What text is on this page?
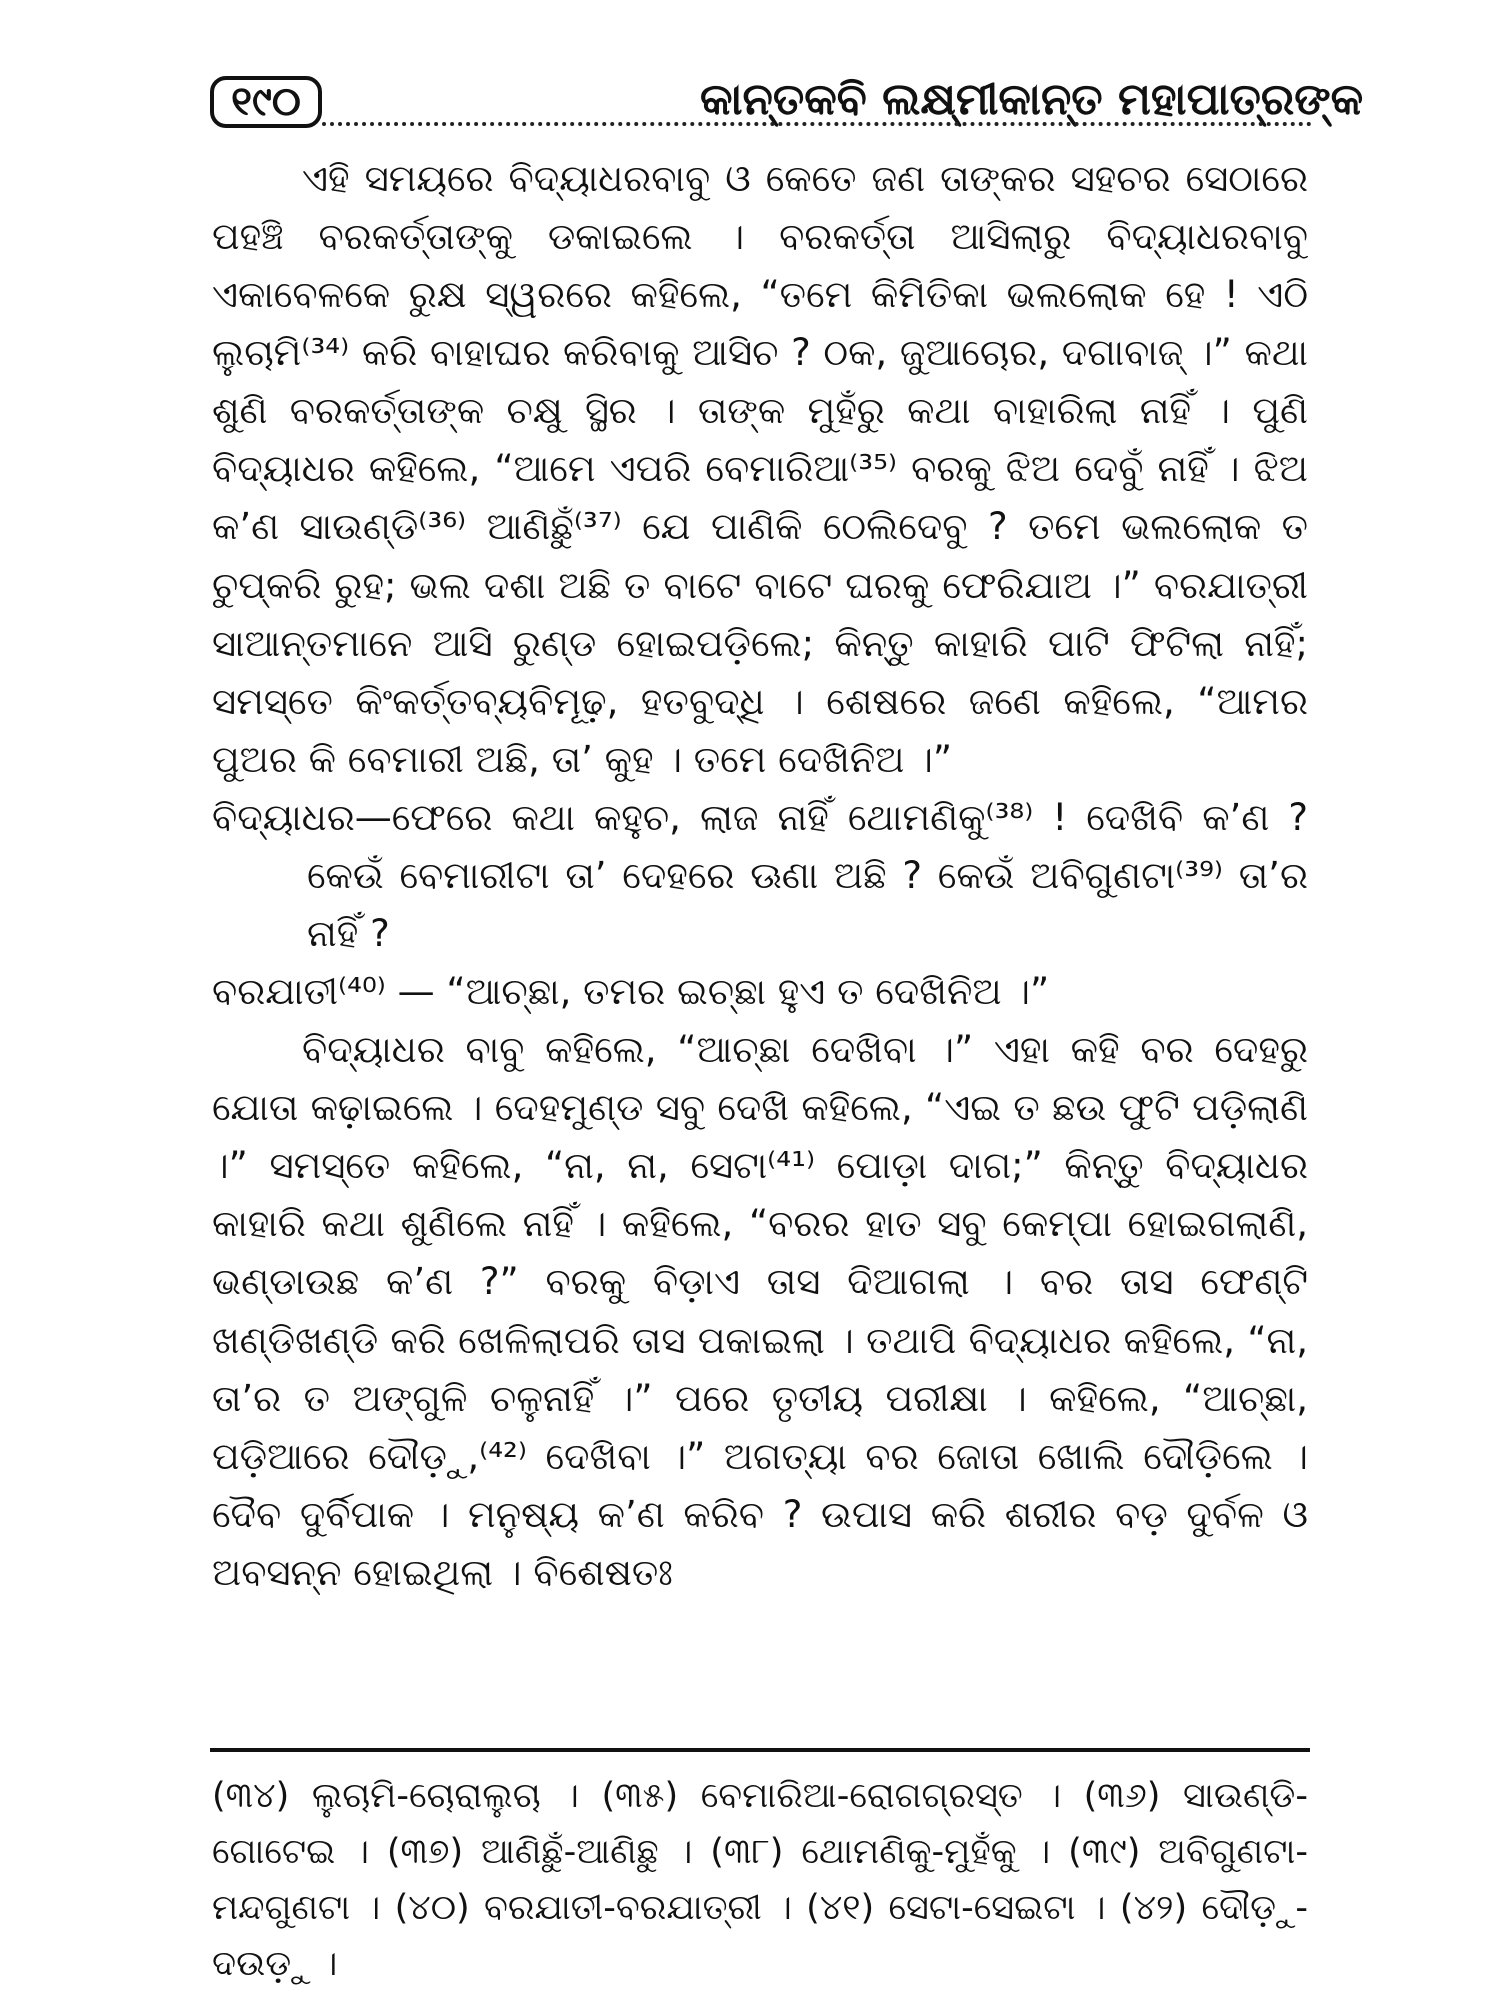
୧୯୦	କାନ୍ତକବି ଲକ୍ଷ୍ମୀକାନ୍ତ ମହାପାତ୍ରଙ୍କ

ଏହି ସମୟରେ ବିଦ୍ୟାଧରବାବୁ ଓ କେତେ ଜଣ ତାଙ୍କର ସହଚର ସେଠାରେ ପହଞ୍ଚି ବରକର୍ତ୍ତାଙ୍କୁ ଡକାଇଲେ । ବରକର୍ତ୍ତା ଆସିଲାରୁ ବିଦ୍ୟାଧରବାବୁ ଏକାବେଳକେ ରୁକ୍ଷ ସ୍ୱରରେ କହିଲେ, “ତମେ କିମିତିକା ଭଲଲୋକ ହେ ! ଏଠି ଲୁଚାମି⁽³⁴⁾ କରି ବାହାଘର କରିବାକୁ ଆସିଚ ? ଠକ, ଜୁଆଚୋର, ଦଗାବାଜ୍ ।” କଥା ଶୁଣି ବରକର୍ତ୍ତାଙ୍କ ଚକ୍ଷୁ ସ୍ଥିର । ତାଙ୍କ ମୁହଁରୁ କଥା ବାହାରିଲା ନାହିଁ । ପୁଣି ବିଦ୍ୟାଧର କହିଲେ, “ଆମେ ଏପରି ବେମାରିଆ⁽³⁵⁾ ବରକୁ ଝିଅ ଦେବୁଁ ନାହିଁ । ଝିଅ କ’ଣ ସାଉଣ୍ଡି⁽³⁶⁾ ଆଣିଛୁଁ⁽³⁷⁾ ଯେ ପାଣିକି ଠେଲିଦେବୁ ? ତମେ ଭଲଲୋକ ତ ଚୁପ୍‌କରି ରୁହ; ଭଲ ଦଶା ଅଛି ତ ବାଟେ ବାଟେ ଘରକୁ ଫେରିଯାଅ ।” ବରଯାତ୍ରୀ ସାଆନ୍ତମାନେ ଆସି ରୁଣ୍ଡ ହୋଇପଡ଼ିଲେ; କିନ୍ତୁ କାହାରି ପାଟି ଫିଟିଲା ନାହିଁ; ସମସ୍ତେ କିଂକର୍ତ୍ତବ୍ୟବିମୂଢ଼, ହତବୁଦ୍ଧି । ଶେଷରେ ଜଣେ କହିଲେ, “ଆମର ପୁଅର କି ବେମାରୀ ଅଛି, ତା’ କୁହ । ତମେ ଦେଖିନିଅ ।”

ବିଦ୍ୟାଧର—ଫେରେ କଥା କହୁଚ, ଲାଜ ନାହିଁ ଥୋମଣିକୁ⁽³⁸⁾ ! ଦେଖିବି କ’ଣ ? କେଉଁ ବେମାରୀଟା ତା’ ଦେହରେ ଊଣା ଅଛି ? କେଉଁ ଅବିଗୁଣଟା⁽³⁹⁾ ତା’ର ନାହିଁ ?

ବରଯାତୀ⁽⁴⁰⁾ — “ଆଚ୍ଛା, ତମର ଇଚ୍ଛା ହୁଏ ତ ଦେଖିନିଅ ।”

ବିଦ୍ୟାଧର ବାବୁ କହିଲେ, “ଆଚ୍ଛା ଦେଖିବା ।” ଏହା କହି ବର ଦେହରୁ ଯୋତା କଢ଼ାଇଲେ । ଦେହମୁଣ୍ଡ ସବୁ ଦେଖି କହିଲେ, “ଏଇ ତ ଛଉ ଫୁଟି ପଡ଼ିଲାଣି ।” ସମସ୍ତେ କହିଲେ, “ନା, ନା, ସେଟା⁽⁴¹⁾ ପୋଡ଼ା ଦାଗ;” କିନ୍ତୁ ବିଦ୍ୟାଧର କାହାରି କଥା ଶୁଣିଲେ ନାହିଁ । କହିଲେ, “ବରର ହାତ ସବୁ କେମ୍ପା ହୋଇଗଲାଣି, ଭଣ୍ଡାଉଛ କ’ଣ ?” ବରକୁ ବିଡ଼ାଏ ତାସ ଦିଆଗଲା । ବର ତାସ ଫେଣ୍ଟି ଖଣ୍ଡିଖଣ୍ଡି କରି ଖେଳିଲାପରି ତାସ ପକାଇଲା । ତଥାପି ବିଦ୍ୟାଧର କହିଲେ, “ନା, ତା’ର ତ ଅଙ୍ଗୁଳି ଚଳୁନାହିଁ ।” ପରେ ତୃତୀୟ ପରୀକ୍ଷା । କହିଲେ, “ଆଚ୍ଛା, ପଡ଼ିଆରେ ଦୌଡ଼ୁ,⁽⁴²⁾ ଦେଖିବା ।” ଅଗତ୍ୟା ବର ଜୋତା ଖୋଲି ଦୌଡ଼ିଲେ । ଦୈବ ଦୁର୍ବିପାକ । ମନୁଷ୍ୟ କ’ଣ କରିବ ? ଉପାସ କରି ଶରୀର ବଡ଼ ଦୁର୍ବଳ ଓ ଅବସନ୍ନ ହୋଇଥିଲା । ବିଶେଷତଃ

(୩୪) ଲୁଚାମି-ଚୋରାଲୁଚା । (୩୫) ବେମାରିଆ-ରୋଗଗ୍ରସ୍ତ । (୩୬) ସାଉଣ୍ଡି-ଗୋଟେଇ । (୩୭) ଆଣିଛୁଁ-ଆଣିଛୁ । (୩୮) ଥୋମଣିକୁ-ମୁହଁକୁ । (୩୯) ଅବିଗୁଣଟା-ମନ୍ଦଗୁଣଟା । (୪୦) ବରଯାତୀ-ବରଯାତ୍ରୀ । (୪୧) ସେଟା-ସେଇଟା । (୪୨) ଦୌଡ଼ୁ-ଦଉଡ଼ୁ ।
